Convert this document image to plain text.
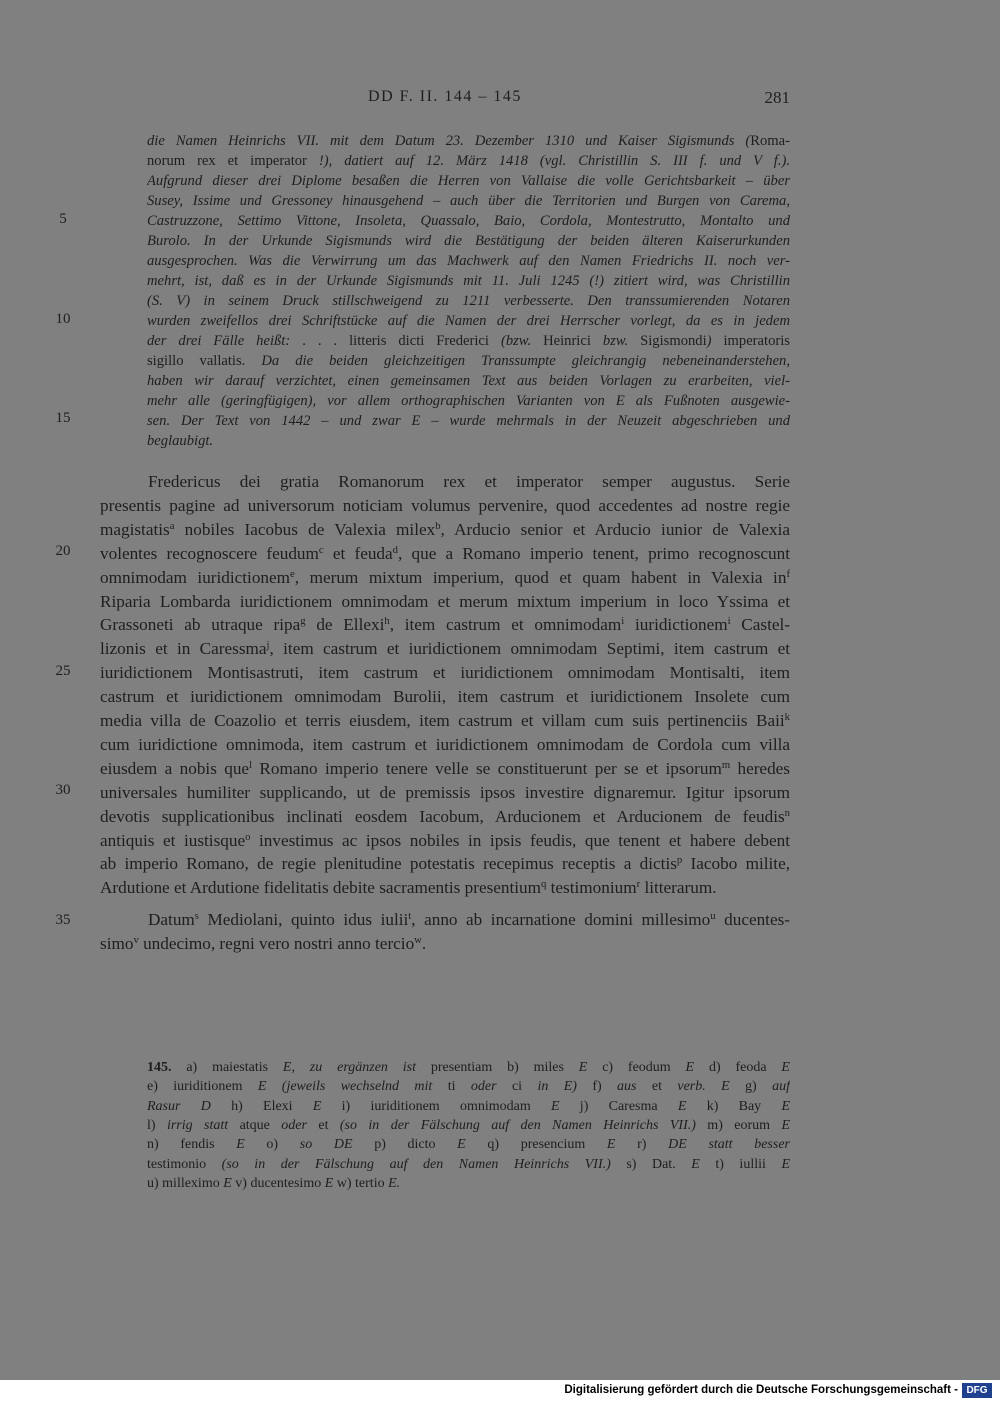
DD F. II. 144 – 145	281
die Namen Heinrichs VII. mit dem Datum 23. Dezember 1310 und Kaiser Sigismunds (Roma-
norum rex et imperator !), datiert auf 12. März 1418 (vgl. Christillin S. III f. und V f.).
Aufgrund dieser drei Diplome besaßen die Herren von Vallaise die volle Gerichtsbarkeit – über
Susey, Issime und Gressoney hinausgehend – auch über die Territorien und Burgen von Carema,
Castruzzone, Settimo Vittone, Insoleta, Quassalo, Baio, Cordola, Montestrutto, Montalto und
Burolo. In der Urkunde Sigismunds wird die Bestätigung der beiden älteren Kaiserurkunden
ausgesprochen. Was die Verwirrung um das Machwerk auf den Namen Friedrichs II. noch ver-
mehrt, ist, daß es in der Urkunde Sigismunds mit 11. Juli 1245 (!) zitiert wird, was Christillin
(S. V) in seinem Druck stillschweigend zu 1211 verbesserte. Den transsumierenden Notaren
wurden zweifellos drei Schriftstücke auf die Namen der drei Herrscher vorlegt, da es in jedem
der drei Fälle heißt: . . . litteris dicti Frederici (bzw. Heinrici bzw. Sigismondi) imperatoris
sigillo vallatis. Da die beiden gleichzeitigen Transsumpte gleichrangig nebeneinanderstehen,
haben wir darauf verzichtet, einen gemeinsamen Text aus beiden Vorlagen zu erarbeiten, viel-
mehr alle (geringfügigen), vor allem orthographischen Varianten von E als Fußnoten ausgewie-
sen. Der Text von 1442 – und zwar E – wurde mehrmals in der Neuzeit abgeschrieben und
beglaubigt.
Fredericus dei gratia Romanorum rex et imperator semper augustus. Serie
presentis pagine ad universorum noticiam volumus pervenire, quod accedentes ad nostre regie
magistatis$^a$ nobiles Iacobus de Valexia milex$^b$, Arducio senior et Arducio iunior de Valexia
volentes recognoscere feudum$^c$ et feuda$^d$, que a Romano imperio tenent, primo recognoscunt
omnimodam iuridictionem$^e$, merum mixtum imperium, quod et quam habent in Valexia $in^f$
Riparia Lombarda iuridictionem omnimodam et merum mixtum imperium in loco Yssima et
Grassoneti ab utraque ripa$^g$ de Ellexi$^h$, item castrum et omnimodam$^i$ iuridictionem$^i$ Castel-
lizonis et in Caressma$^j$, item castrum et iuridictionem omnimodam Septimi, item castrum et
iuridictionem Montisastruti, item castrum et iuridictionem omnimodam Montisalti, item
castrum et iuridictionem omnimodam Burolii, item castrum et iuridictionem Insolete cum
media villa de Coazolio et terris eiusdem, item castrum et villam cum suis pertinenciis Baii$^k$
cum iuridictione omnimoda, item castrum et iuridictionem omnimodam de Cordola cum villa
eiusdem a nobis que$^l$ Romano imperio tenere velle se constituerunt per se et ipsorum$^m$ heredes
universales humiliter supplicando, ut de premissis ipsos investire dignaremur. Igitur ipsorum
devotis supplicationibus inclinati eosdem Iacobum, Arducionem et Arducionem de feudis$^n$
antiquis et iustisque$^o$ investimus ac ipsos nobiles in ipsis feudis, que tenent et habere debent
ab imperio Romano, de regie plenitudine potestatis recepimus receptis a dictis$^p$ Iacobo milite,
Ardutione et Ardutione fidelitatis debite sacramentis presentium$^q$ testimonium$^r$ litterarum.
Datum$^s$ Mediolani, quinto idus iulii$^t$, anno ab incarnatione domini millesimo$^u$ ducentes-
simo$^v$ undecimo, regni vero nostri anno tercio$^w$.
145. a) maiestatis E, zu ergänzen ist presentiam b) miles E c) feodum E d) feoda E
e) iuriditionem E (jeweils wechselnd mit ti oder ci in E) f) aus et verb. E g) auf
Rasur D h) Elexi E i) iuriditionem omnimodam E j) Caresma E k) Bay E
l) irrig statt atque oder et (so in der Fälschung auf den Namen Heinrichs VII.) m) eorum E
n) fendis E o) so DE p) dicto E q) presencium E r) DE statt besser
testimonio (so in der Fälschung auf den Namen Heinrichs VII.) s) Dat. E t) iullii E
u) milleximo E v) ducentesimo E w) tertio E.
5
10
15
20
25
30
35
Digitalisierung gefördert durch die Deutsche Forschungsgemeinschaft - DFG
